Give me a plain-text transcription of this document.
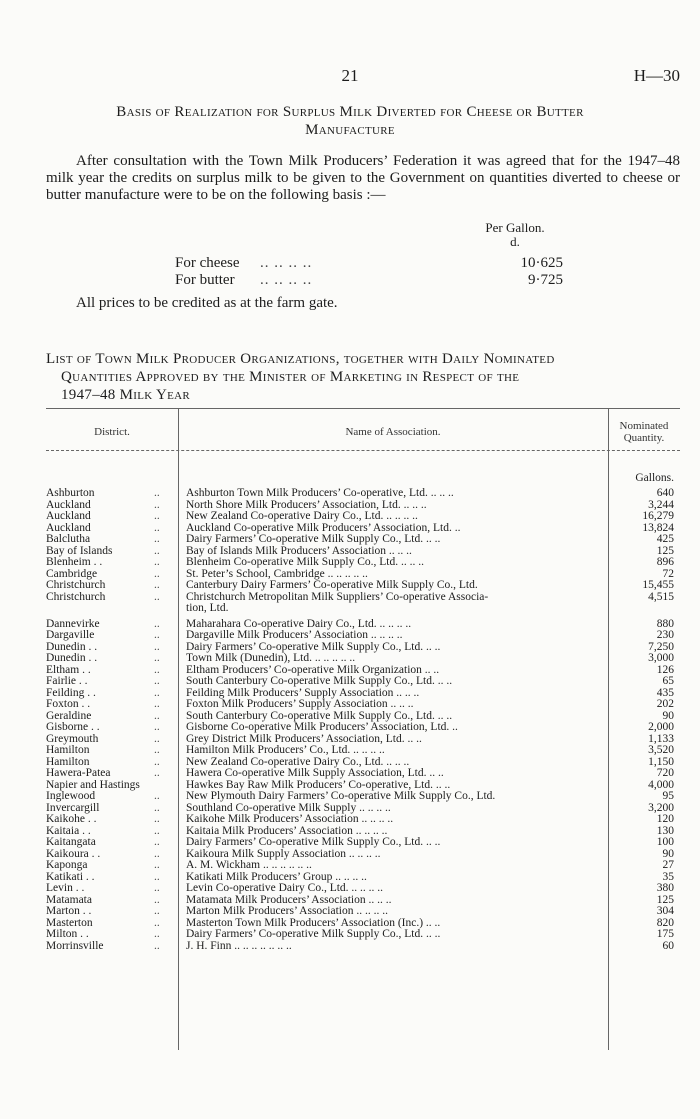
21	H—30
Basis of Realization for Surplus Milk Diverted for Cheese or Butter
Manufacture
After consultation with the Town Milk Producers’ Federation it was agreed that for the 1947–48 milk year the credits on surplus milk to be given to the Government on quantities diverted to cheese or butter manufacture were to be on the following basis :—
Per Gallon.
d.
For cheese .. .. .. ..	10·625
For butter .. .. .. ..	9·725
All prices to be credited as at the farm gate.
List of Town Milk Producer Organizations, together with Daily Nominated
Quantities Approved by the Minister of Marketing in Respect of the
1947–48 Milk Year
District.	Name of Association.	Nominated
Quantity.
Gallons.
Ashburton	..	Ashburton Town Milk Producers’ Co-operative, Ltd. .. .. ..	640
Auckland	..	North Shore Milk Producers’ Association, Ltd. .. .. ..	3,244
Auckland	..	New Zealand Co-operative Dairy Co., Ltd. .. .. .. ..	16,279
Auckland	..	Auckland Co-operative Milk Producers’ Association, Ltd. ..	13,824
Balclutha	..	Dairy Farmers’ Co-operative Milk Supply Co., Ltd. .. ..	425
Bay of Islands	..	Bay of Islands Milk Producers’ Association .. .. ..	125
Blenheim . .	..	Blenheim Co-operative Milk Supply Co., Ltd. .. .. ..	896
Cambridge	..	St. Peter’s School, Cambridge .. .. .. .. ..	72
Christchurch	..	Canterbury Dairy Farmers’ Co-operative Milk Supply Co., Ltd.	15,455
Christchurch	..	Christchurch Metropolitan Milk Suppliers’ Co-operative Associa-	4,515
tion, Ltd.
Dannevirke	..	Maharahara Co-operative Dairy Co., Ltd. .. .. .. ..	880
Dargaville	..	Dargaville Milk Producers’ Association .. .. .. ..	230
Dunedin . .	..	Dairy Farmers’ Co-operative Milk Supply Co., Ltd. .. ..	7,250
Dunedin . .	..	Town Milk (Dunedin), Ltd. .. .. .. .. ..	3,000
Eltham . .	..	Eltham Producers’ Co-operative Milk Organization .. ..	126
Fairlie . .	..	South Canterbury Co-operative Milk Supply Co., Ltd. .. ..	65
Feilding . .	..	Feilding Milk Producers’ Supply Association .. .. ..	435
Foxton . .	..	Foxton Milk Producers’ Supply Association .. .. ..	202
Geraldine	..	South Canterbury Co-operative Milk Supply Co., Ltd. .. ..	90
Gisborne . .	..	Gisborne Co-operative Milk Producers’ Association, Ltd. ..	2,000
Greymouth	..	Grey District Milk Producers’ Association, Ltd. .. ..	1,133
Hamilton	..	Hamilton Milk Producers’ Co., Ltd. .. .. .. ..	3,520
Hamilton	..	New Zealand Co-operative Dairy Co., Ltd. .. .. ..	1,150
Hawera-Patea	..	Hawera Co-operative Milk Supply Association, Ltd. .. ..	720
Napier and Hastings	Hawkes Bay Raw Milk Producers’ Co-operative, Ltd. .. ..	4,000
Inglewood	..	New Plymouth Dairy Farmers’ Co-operative Milk Supply Co., Ltd.	95
Invercargill	..	Southland Co-operative Milk Supply .. .. .. ..	3,200
Kaikohe . .	..	Kaikohe Milk Producers’ Association .. .. .. ..	120
Kaitaia . .	..	Kaitaia Milk Producers’ Association .. .. .. ..	130
Kaitangata	..	Dairy Farmers’ Co-operative Milk Supply Co., Ltd. .. ..	100
Kaikoura . .	..	Kaikoura Milk Supply Association .. .. .. ..	90
Kaponga	..	A. M. Wickham .. .. .. .. .. ..	27
Katikati . .	..	Katikati Milk Producers’ Group .. .. .. ..	35
Levin . .	..	Levin Co-operative Dairy Co., Ltd. .. .. .. ..	380
Matamata	..	Matamata Milk Producers’ Association .. .. ..	125
Marton . .	..	Marton Milk Producers’ Association .. .. .. ..	304
Masterton	..	Masterton Town Milk Producers’ Association (Inc.) .. ..	820
Milton . .	..	Dairy Farmers’ Co-operative Milk Supply Co., Ltd. .. ..	175
Morrinsville	..	J. H. Finn .. .. .. .. .. .. ..	60
